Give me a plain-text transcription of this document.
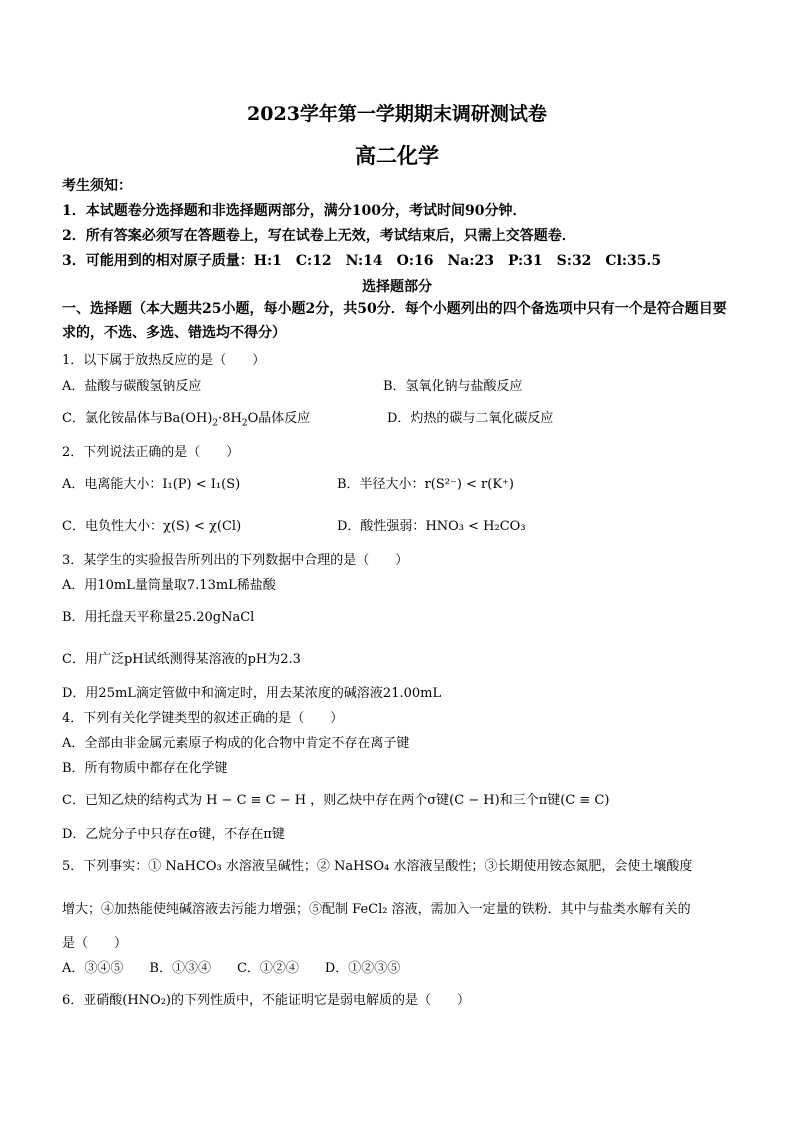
2023学年第一学期期末调研测试卷
高二化学
考生须知：
1．本试题卷分选择题和非选择题两部分，满分100分，考试时间90分钟．
2．所有答案必须写在答题卷上，写在试卷上无效，考试结束后，只需上交答题卷．
3．可能用到的相对原子质量：H:1　C:12　N:14　O:16　Na:23　P:31　S:32　Cl:35.5
选择题部分
一、选择题（本大题共25小题，每小题2分，共50分．每个小题列出的四个备选项中只有一个是符合题目要求的，不选、多选、错选均不得分）
1．以下属于放热反应的是（　　）
A．盐酸与碳酸氢钠反应	B．氢氧化钠与盐酸反应
C．氯化铵晶体与$Ba(OH)_2\cdot 8H_2O$晶体反应	D．灼热的碳与二氧化碳反应
2．下列说法正确的是（　　）
A．电离能大小：I₁(P) < I₁(S)	B．半径大小：r(S²⁻) < r(K⁺)
C．电负性大小：χ(S) < χ(Cl)	D．酸性强弱：HNO₃ < H₂CO₃
3．某学生的实验报告所列出的下列数据中合理的是（　　）
A．用10mL量筒量取7.13mL稀盐酸
B．用托盘天平称量25.20gNaCl
C．用广泛pH试纸测得某溶液的pH为2.3
D．用25mL滴定管做中和滴定时，用去某浓度的碱溶液21.00mL
4．下列有关化学键类型的叙述正确的是（　　）
A．全部由非金属元素原子构成的化合物中肯定不存在离子键
B．所有物质中都存在化学键
C．已知乙炔的结构式为 H − C ≡ C − H ，则乙炔中存在两个σ键(C − H)和三个π键(C ≡ C)
D．乙烷分子中只存在σ键，不存在π键
5．下列事实：① NaHCO₃ 水溶液呈碱性；② NaHSO₄ 水溶液呈酸性；③长期使用铵态氮肥，会使土壤酸度
增大；④加热能使纯碱溶液去污能力增强；⑤配制 FeCl₂ 溶液，需加入一定量的铁粉．其中与盐类水解有关的
是（　　）
A．③④⑤　　B．①③④　　C．①②④　　D．①②③⑤
6．亚硝酸(HNO₂)的下列性质中，不能证明它是弱电解质的是（　　）
